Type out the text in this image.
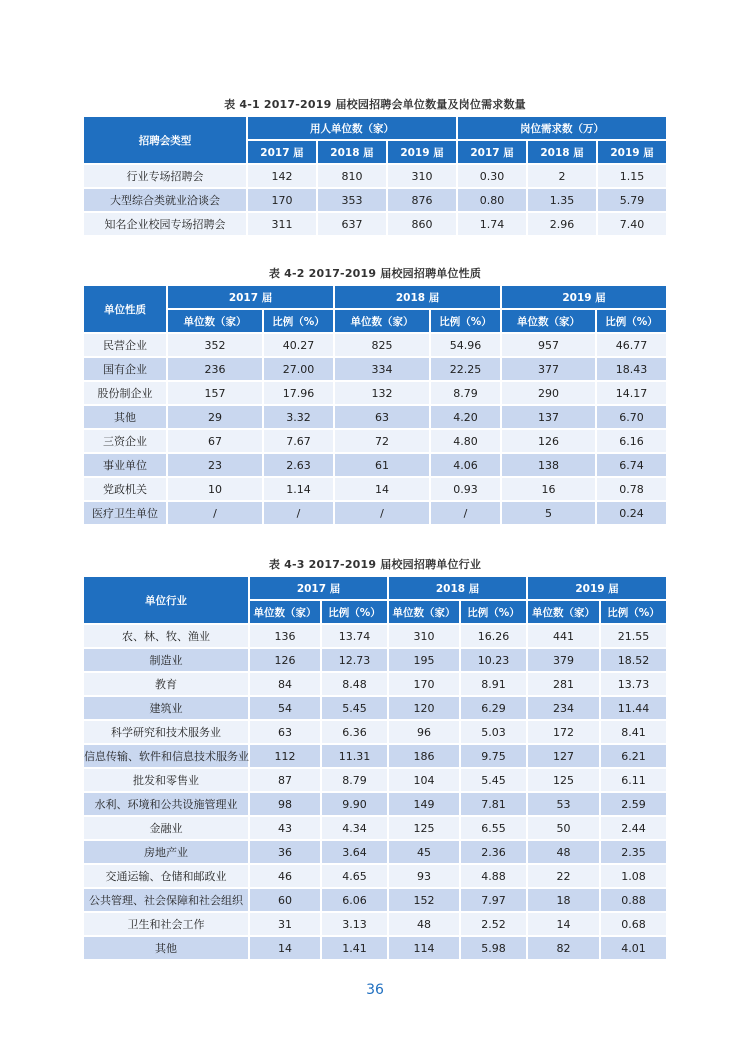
表 4-1 2017-2019 届校园招聘会单位数量及岗位需求数量
招聘会类型	用人单位数（家）			岗位需求数（万）		
	2017 届	2018 届	2019 届	2017 届	2018 届	2019 届
行业专场招聘会	142	810	310	0.30	2	1.15
大型综合类就业洽谈会	170	353	876	0.80	1.35	5.79
知名企业校园专场招聘会	311	637	860	1.74	2.96	7.40
表 4-2 2017-2019 届校园招聘单位性质
单位性质	2017 届		2018 届		2019 届	
	单位数（家）	比例（%）	单位数（家）	比例（%）	单位数（家）	比例（%）
民营企业	352	40.27	825	54.96	957	46.77
国有企业	236	27.00	334	22.25	377	18.43
股份制企业	157	17.96	132	8.79	290	14.17
其他	29	3.32	63	4.20	137	6.70
三资企业	67	7.67	72	4.80	126	6.16
事业单位	23	2.63	61	4.06	138	6.74
党政机关	10	1.14	14	0.93	16	0.78
医疗卫生单位	/	/	/	/	5	0.24
表 4-3 2017-2019 届校园招聘单位行业
单位行业	2017 届		2018 届		2019 届	
	单位数（家）	比例（%）	单位数（家）	比例（%）	单位数（家）	比例（%）
农、林、牧、渔业	136	13.74	310	16.26	441	21.55
制造业	126	12.73	195	10.23	379	18.52
教育	84	8.48	170	8.91	281	13.73
建筑业	54	5.45	120	6.29	234	11.44
科学研究和技术服务业	63	6.36	96	5.03	172	8.41
信息传输、软件和信息技术服务业	112	11.31	186	9.75	127	6.21
批发和零售业	87	8.79	104	5.45	125	6.11
水利、环境和公共设施管理业	98	9.90	149	7.81	53	2.59
金融业	43	4.34	125	6.55	50	2.44
房地产业	36	3.64	45	2.36	48	2.35
交通运输、仓储和邮政业	46	4.65	93	4.88	22	1.08
公共管理、社会保障和社会组织	60	6.06	152	7.97	18	0.88
卫生和社会工作	31	3.13	48	2.52	14	0.68
其他	14	1.41	114	5.98	82	4.01
36
